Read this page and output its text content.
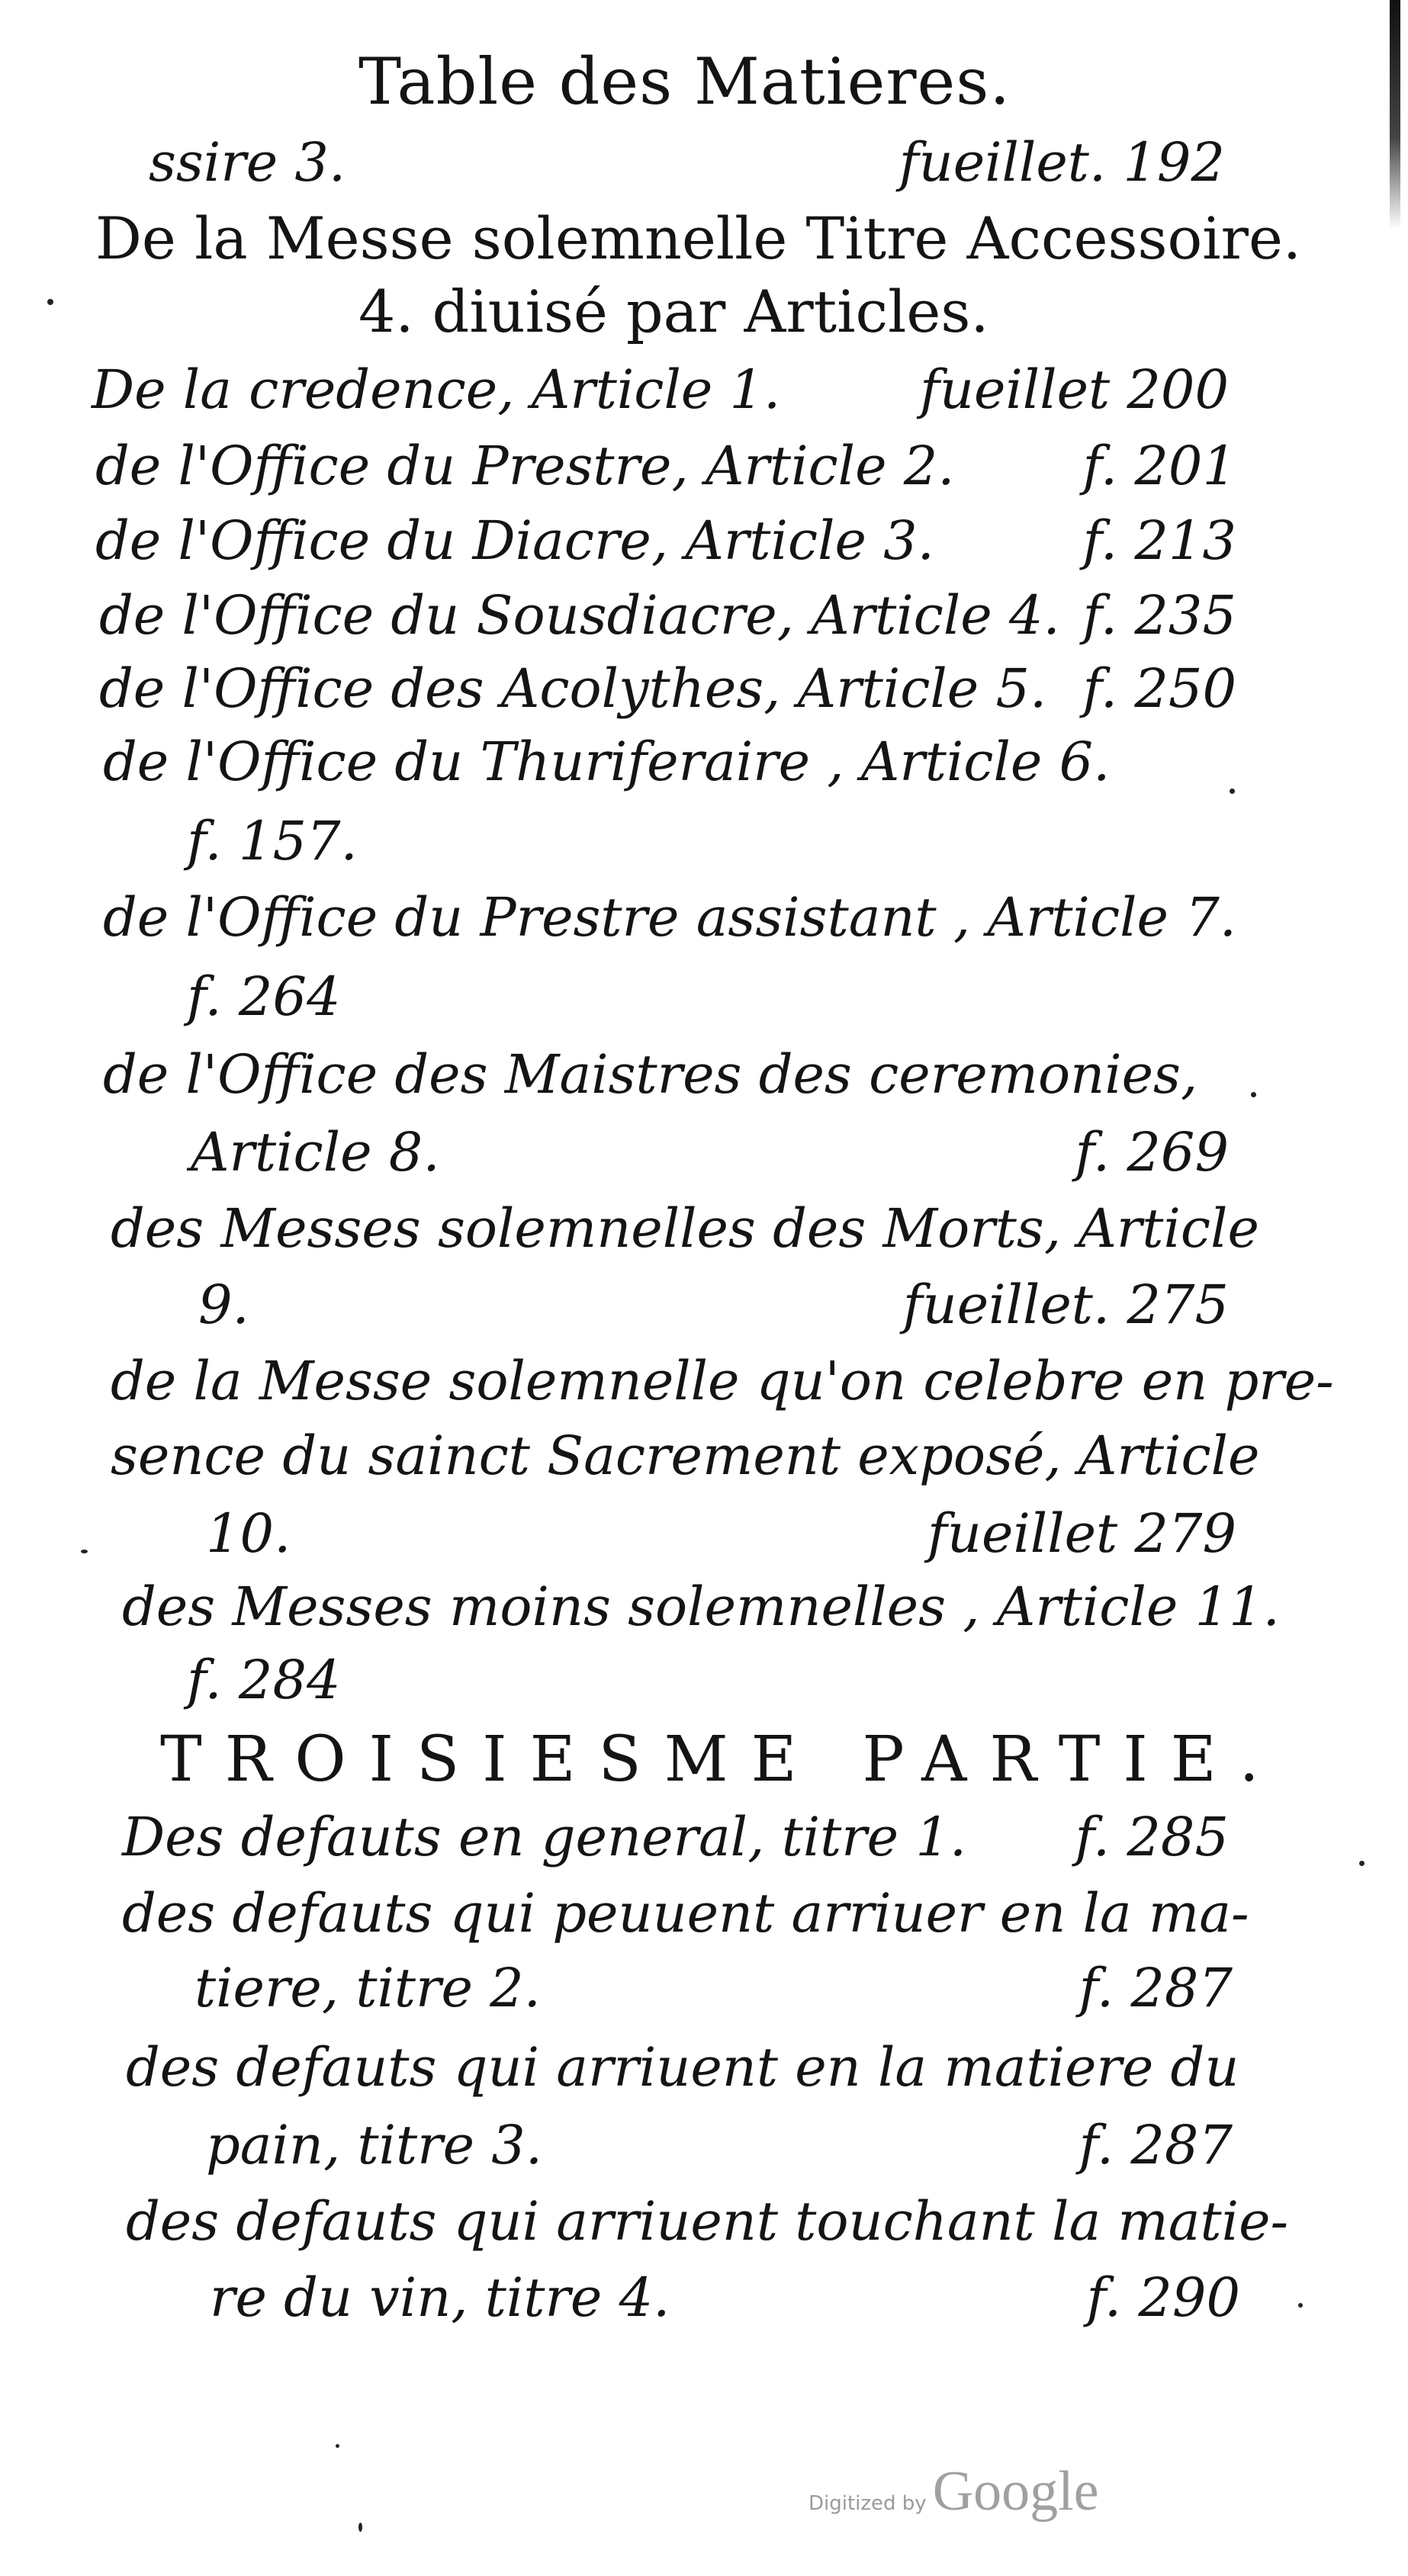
Table des Matieres.
ssire 3.	fueillet. 192
De la Messe solemnelle Titre Accessoire.
4. diuisé par Articles.
De la credence, Article 1.	fueillet 200
de l'Office du Prestre, Article 2. f. 201
de l'Office du Diacre, Article 3.	f. 213
de l'Office du Sousdiacre, Article 4. f. 235
de l'Office des Acolythes, Article 5. f. 250
de l'Office du Thuriferaire , Article 6.
f. 157.
de l'Office du Prestre assistant , Article 7.
f. 264
de l'Office des Maistres des ceremonies,
Article 8.	f. 269
des Messes solemnelles des Morts, Article
9.	fueillet. 275
de la Messe solemnelle qu'on celebre en pre-
sence du sainct Sacrement exposé, Article
10.	fueillet 279
des Messes moins solemnelles , Article 11.
f. 284
TROISIESME PARTIE.
Des defauts en general, titre 1. f. 285
des defauts qui peuuent arriuer en la ma-
tiere, titre 2.	f. 287
des defauts qui arriuent en la matiere du
pain, titre 3.	f. 287
des defauts qui arriuent touchant la matie-
re du vin, titre 4.	f. 290
Digitized by Google
